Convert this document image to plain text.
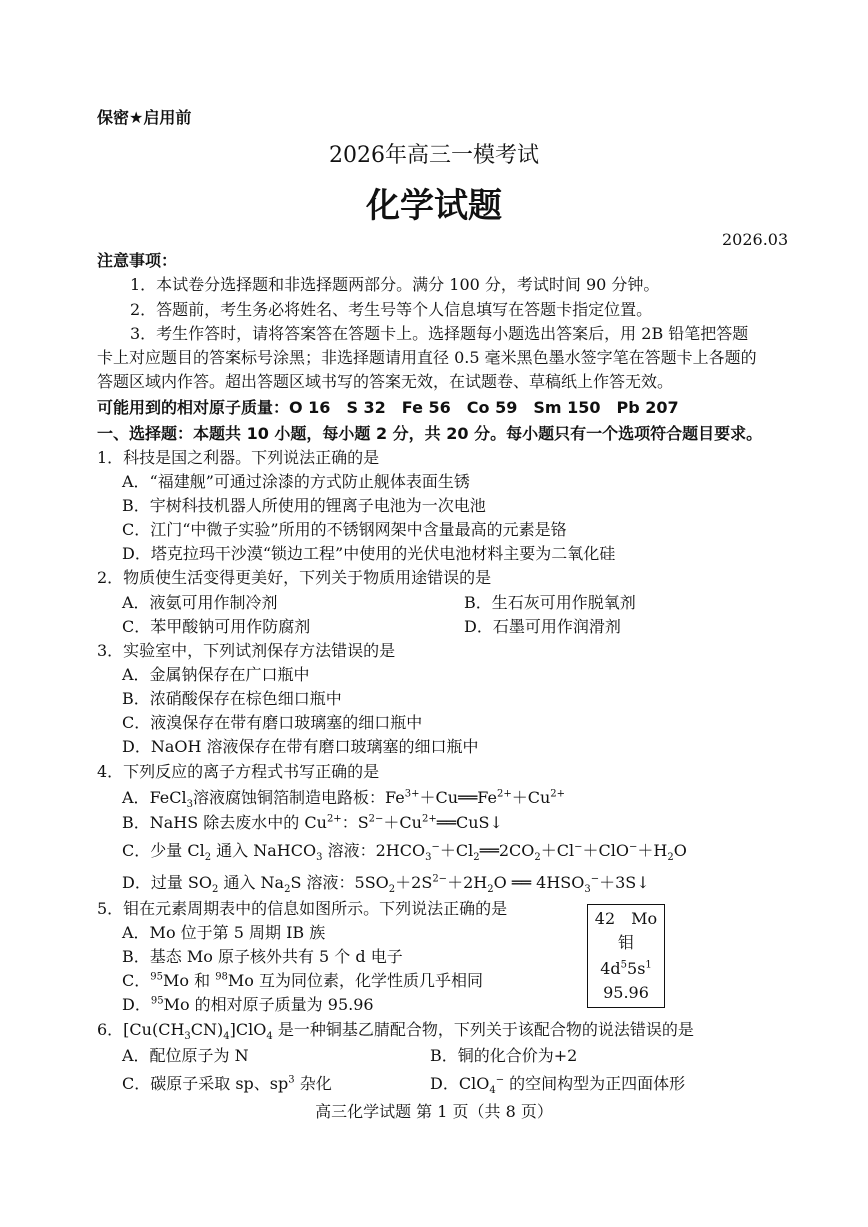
保密★启用前
2026年高三一模考试
化学试题
2026.03
注意事项：
1．本试卷分选择题和非选择题两部分。满分 100 分，考试时间 90 分钟。
2．答题前，考生务必将姓名、考生号等个人信息填写在答题卡指定位置。
3．考生作答时，请将答案答在答题卡上。选择题每小题选出答案后，用 2B 铅笔把答题
卡上对应题目的答案标号涂黑；非选择题请用直径 0.5 毫米黑色墨水签字笔在答题卡上各题的
答题区域内作答。超出答题区域书写的答案无效，在试题卷、草稿纸上作答无效。
可能用到的相对原子质量：O 16　S 32　Fe 56　Co 59　Sm 150　Pb 207
一、选择题：本题共 10 小题，每小题 2 分，共 20 分。每小题只有一个选项符合题目要求。
1．科技是国之利器。下列说法正确的是
A．“福建舰”可通过涂漆的方式防止舰体表面生锈
B．宇树科技机器人所使用的锂离子电池为一次电池
C．江门“中微子实验”所用的不锈钢网架中含量最高的元素是铬
D．塔克拉玛干沙漠“锁边工程”中使用的光伏电池材料主要为二氧化硅
2．物质使生活变得更美好，下列关于物质用途错误的是
A．液氨可用作制冷剂	B．生石灰可用作脱氧剂
C．苯甲酸钠可用作防腐剂	D．石墨可用作润滑剂
3．实验室中，下列试剂保存方法错误的是
A．金属钠保存在广口瓶中
B．浓硝酸保存在棕色细口瓶中
C．液溴保存在带有磨口玻璃塞的细口瓶中
D．NaOH 溶液保存在带有磨口玻璃塞的细口瓶中
4．下列反应的离子方程式书写正确的是
A．FeCl$_3$溶液腐蚀铜箔制造电路板：$Fe^{3+}+Cu══Fe^{2+}+Cu^{2+}$
B．NaHS 除去废水中的 $Cu^{2+}$：$S^{2-}+Cu^{2+}══CuS↓$
C．少量 $Cl_2$ 通入 NaHCO$_3$ 溶液：$2HCO_3^-+Cl_2══2CO_2+Cl^-+ClO^-+H_2O$
D．过量 $SO_2$ 通入 $Na_2S$ 溶液：$5SO_2+2S^{2-}+2H_2O$ ══ $4HSO_3^-+3S↓$
5．钼在元素周期表中的信息如图所示。下列说法正确的是
A．Mo 位于第 5 周期 IB 族
B．基态 Mo 原子核外共有 5 个 d 电子
C．$^{95}$Mo 和 $^{98}$Mo 互为同位素，化学性质几乎相同
D．$^{95}$Mo 的相对原子质量为 95.96
42　Mo
钼
$4d^55s^1$
95.96
6．$[Cu(CH_3CN)_4]ClO_4$ 是一种铜基乙腈配合物，下列关于该配合物的说法错误的是
A．配位原子为 N	B．铜的化合价为+2
C．碳原子采取 sp、$sp^3$ 杂化	D．ClO$_4$− 的空间构型为正四面体形
高三化学试题 第 1 页（共 8 页）
